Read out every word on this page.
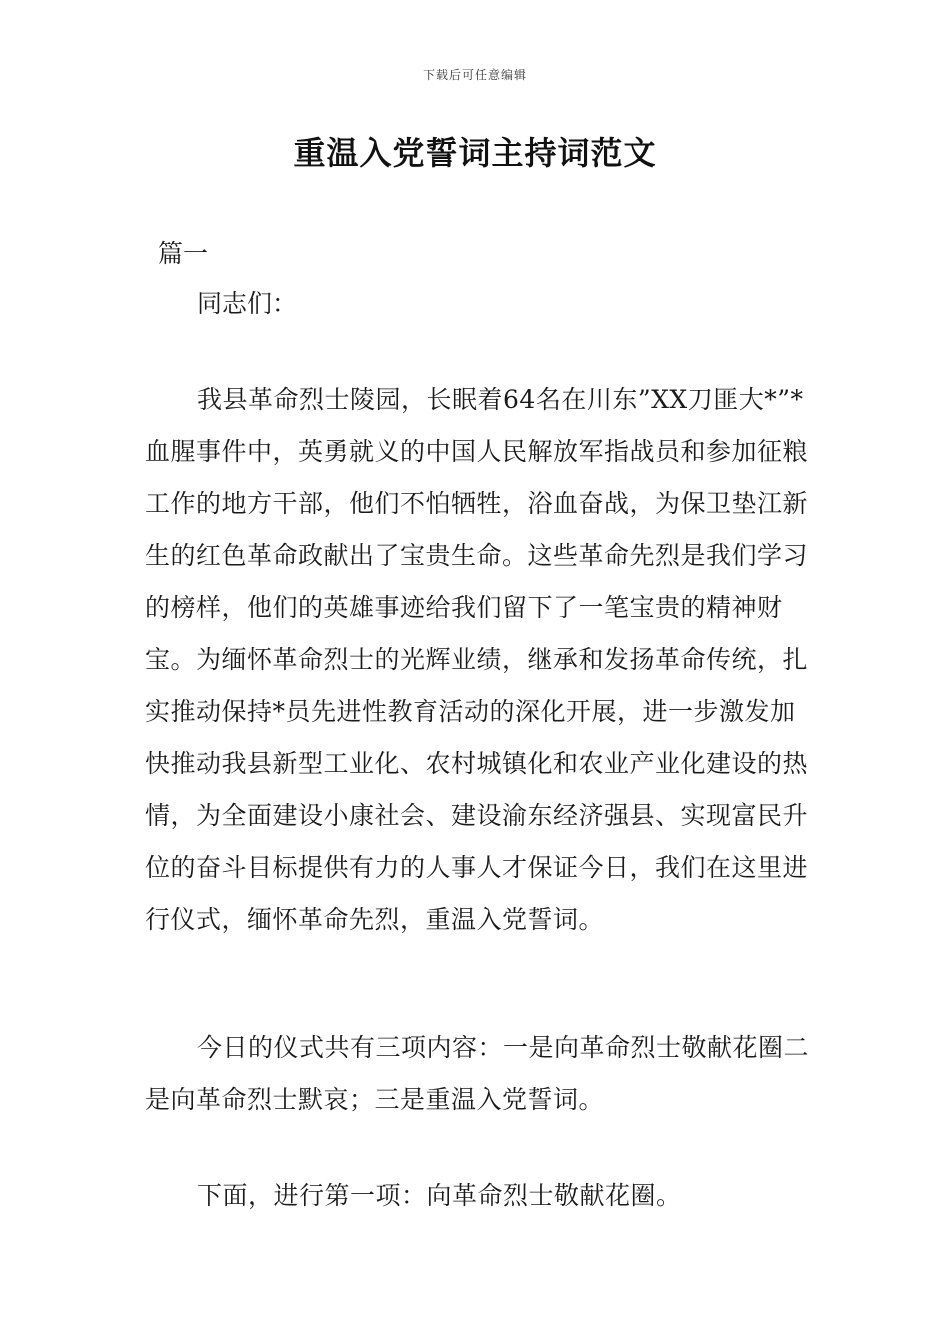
下载后可任意编辑
重温入党誓词主持词范文
篇一
同志们：

我县革命烈士陵园，长眠着64名在川东”XX刀匪大*”*血腥事件中，英勇就义的中国人民解放军指战员和参加征粮工作的地方干部，他们不怕牺牲，浴血奋战，为保卫垫江新生的红色革命政献出了宝贵生命。这些革命先烈是我们学习的榜样，他们的英雄事迹给我们留下了一笔宝贵的精神财宝。为缅怀革命烈士的光辉业绩，继承和发扬革命传统，扎实推动保持*员先进性教育活动的深化开展，进一步激发加快推动我县新型工业化、农村城镇化和农业产业化建设的热情，为全面建设小康社会、建设渝东经济强县、实现富民升位的奋斗目标提供有力的人事人才保证今日，我们在这里进行仪式，缅怀革命先烈，重温入党誓词。

今日的仪式共有三项内容：一是向革命烈士敬献花圈二是向革命烈士默哀；三是重温入党誓词。

下面，进行第一项：向革命烈士敬献花圈。
